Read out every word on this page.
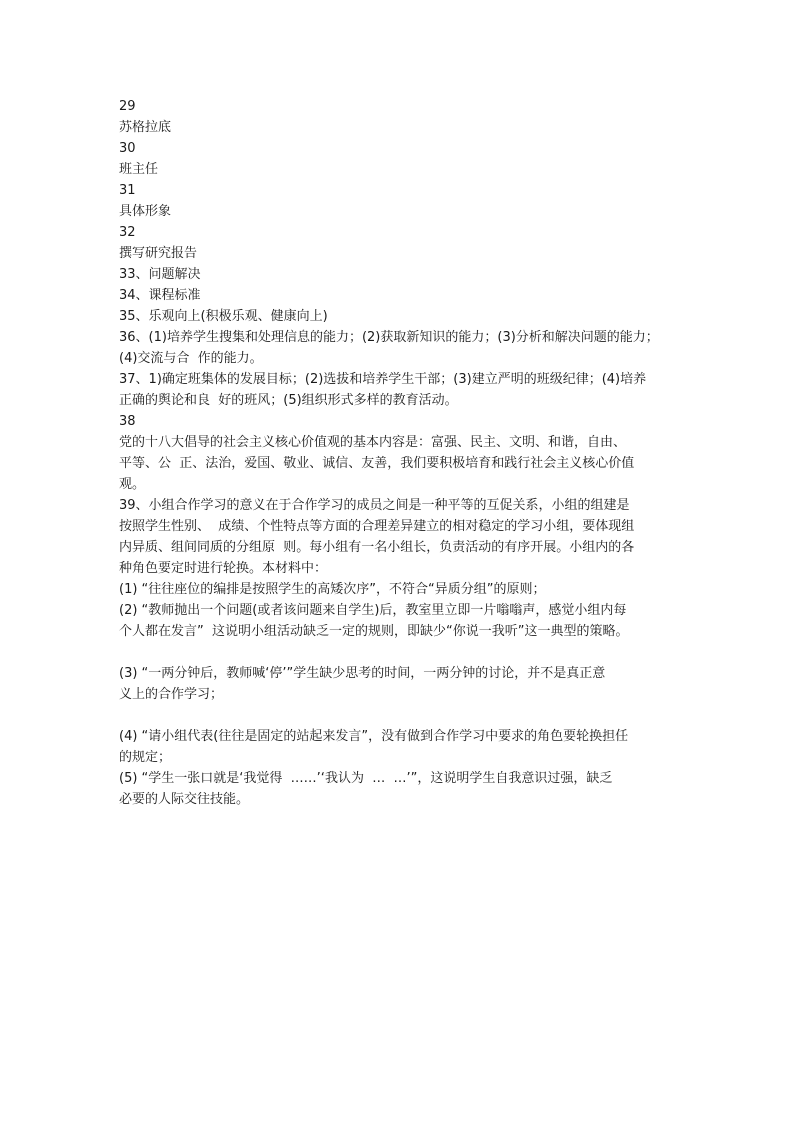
29
苏格拉底
30
班主任
31
具体形象
32
撰写研究报告
33、问题解决
34、课程标准
35、乐观向上(积极乐观、健康向上)
36、(1)培养学生搜集和处理信息的能力；(2)获取新知识的能力；(3)分析和解决问题的能力；
(4)交流与合  作的能力。
37、1)确定班集体的发展目标；(2)选拔和培养学生干部；(3)建立严明的班级纪律；(4)培养
正确的舆论和良  好的班风；(5)组织形式多样的教育活动。
38
党的十八大倡导的社会主义核心价值观的基本内容是：富强、民主、文明、和谐，自由、
平等、公  正、法治，爱国、敬业、诚信、友善，我们要积极培育和践行社会主义核心价值
观。
39、小组合作学习的意义在于合作学习的成员之间是一种平等的互促关系，小组的组建是
按照学生性别、  成绩、个性特点等方面的合理差异建立的相对稳定的学习小组，要体现组
内异质、组间同质的分组原  则。每小组有一名小组长，负责活动的有序开展。小组内的各
种角色要定时进行轮换。本材料中：
(1) “往往座位的编排是按照学生的高矮次序”，不符合“异质分组”的原则；
(2) “教师抛出一个问题(或者该问题来自学生)后，教室里立即一片嗡嗡声，感觉小组内每
个人都在发言”  这说明小组活动缺乏一定的规则，即缺少“你说一我听”这一典型的策略。
(3) “一两分钟后，教师喊‘停’”学生缺少思考的时间，一两分钟的讨论，并不是真正意
义上的合作学习；
(4) “请小组代表(往往是固定的站起来发言”，没有做到合作学习中要求的角色要轮换担任
的规定；
(5) “学生一张口就是‘我觉得  ……’‘我认为  …  …’”，这说明学生自我意识过强，缺乏
必要的人际交往技能。
